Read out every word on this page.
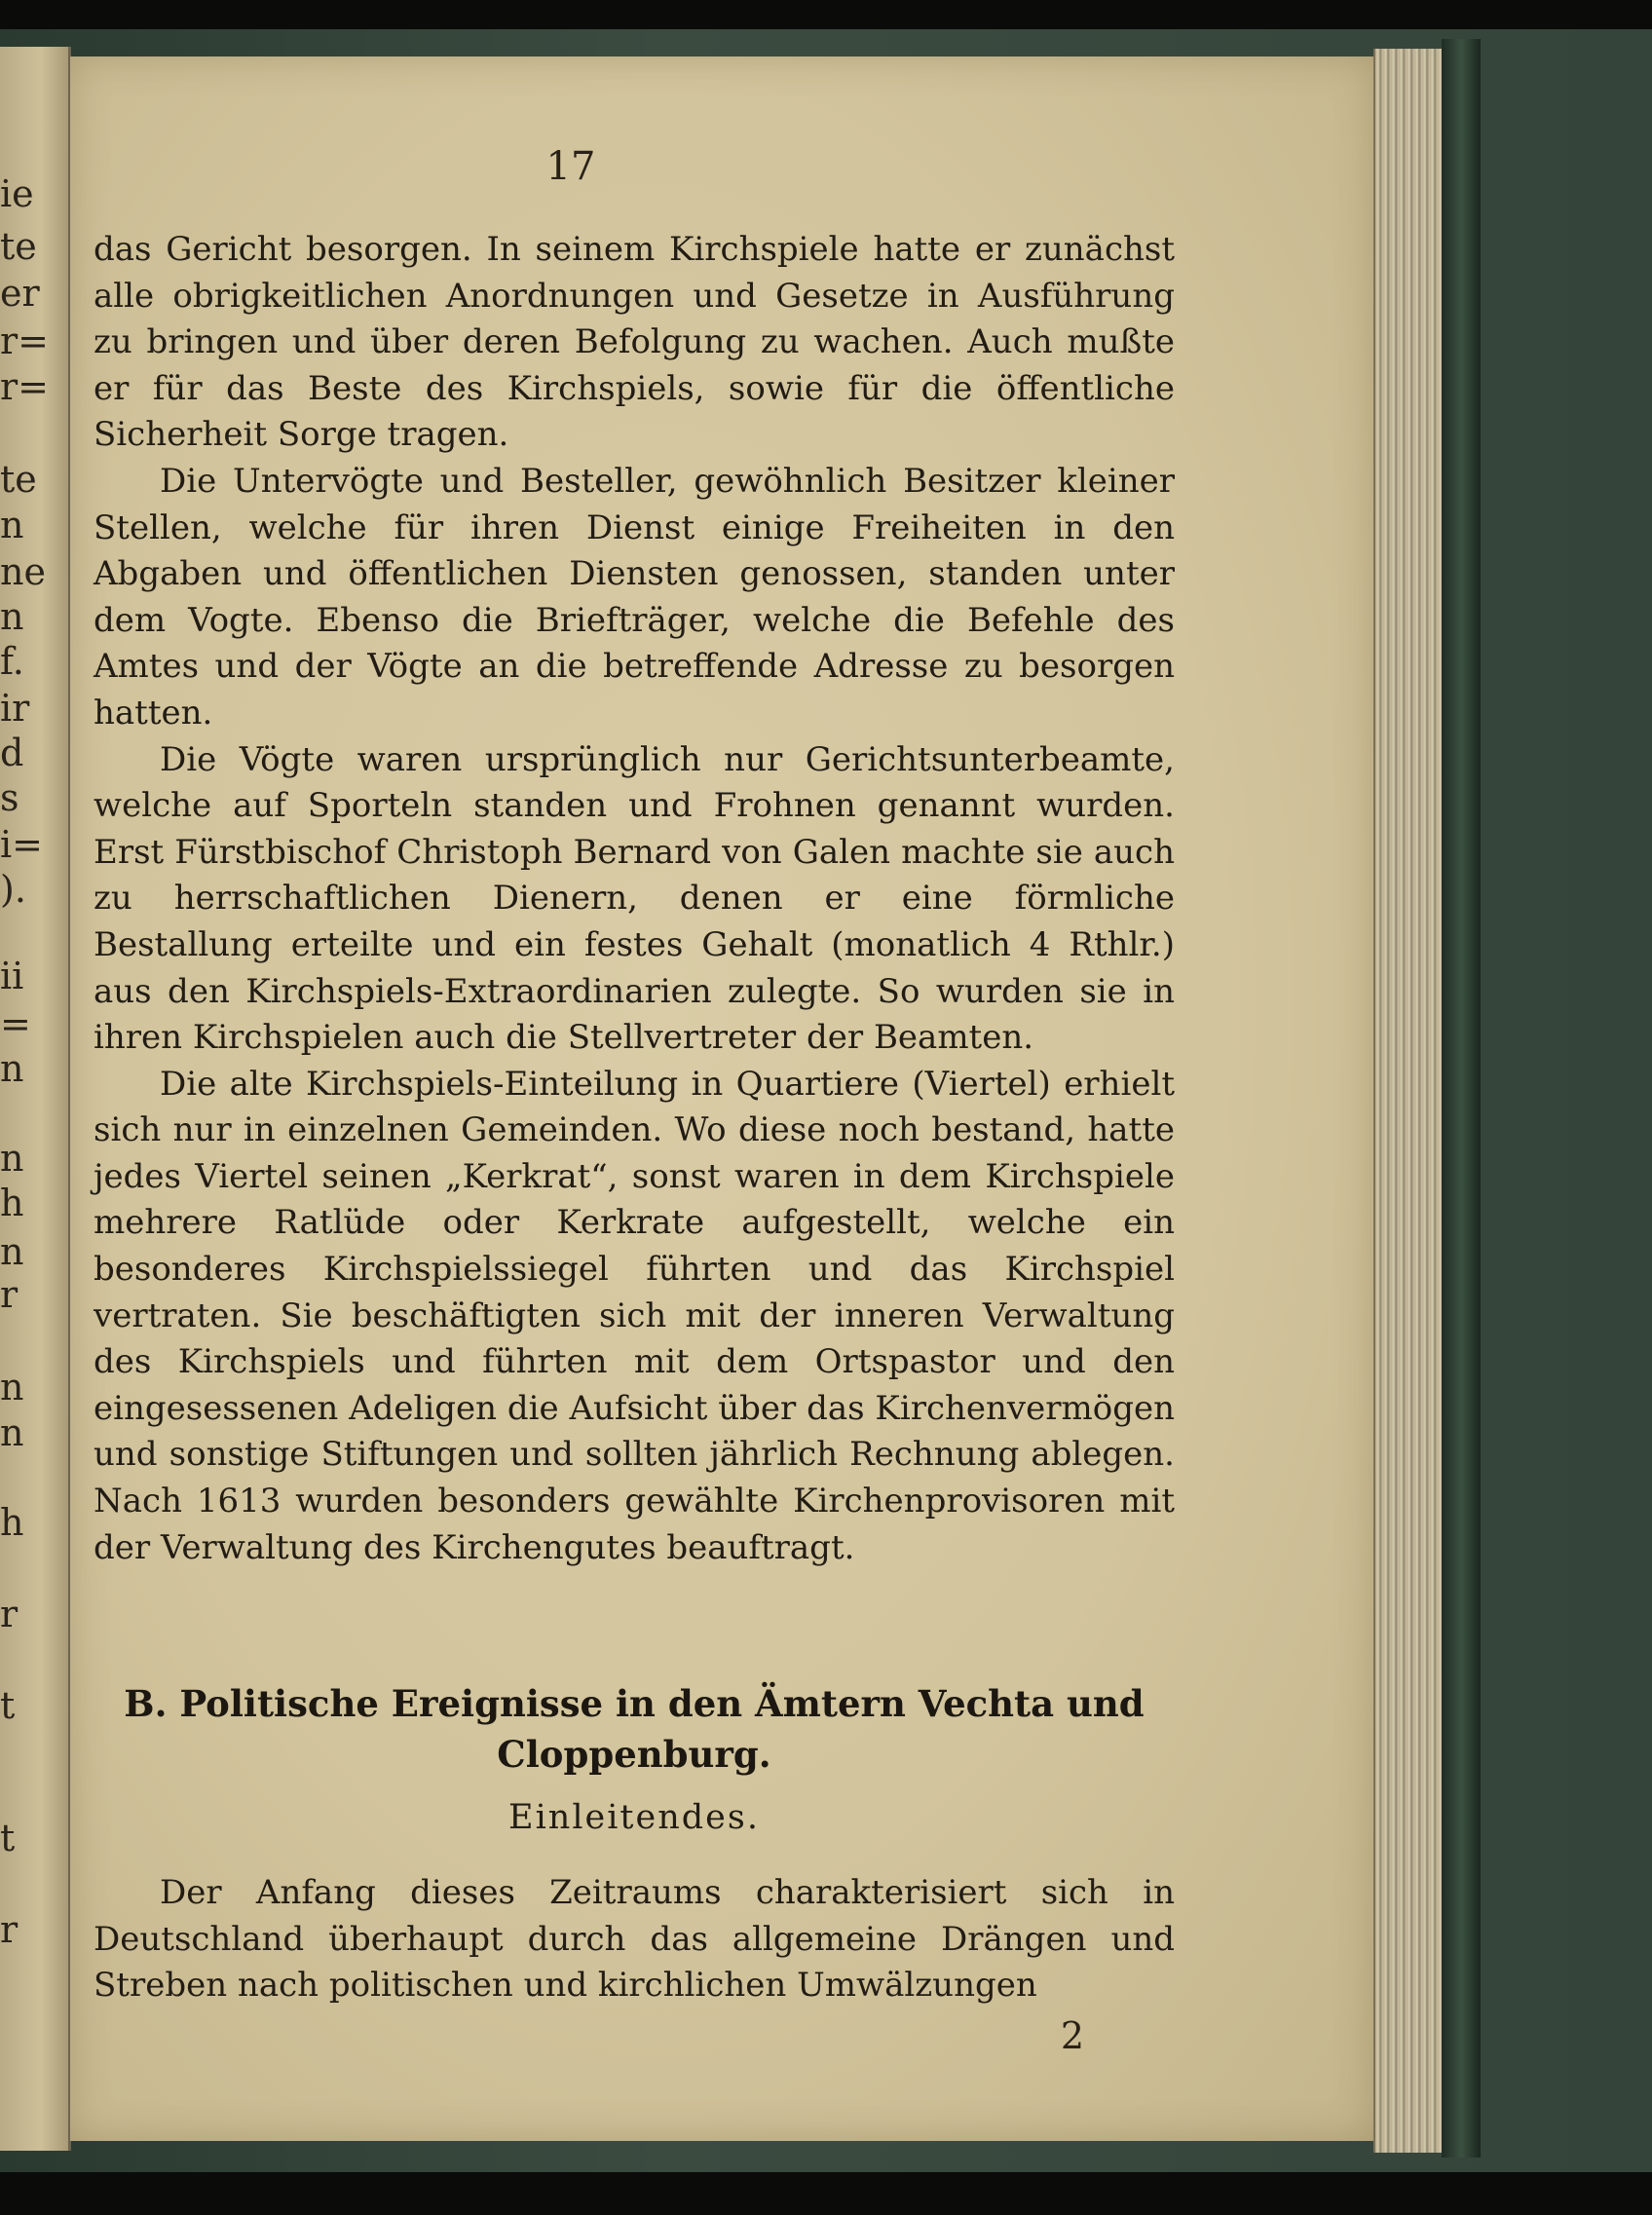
ie
te
er
r=
r=
te
n
ne
n
f.
ir
d
s
i=
).
ii
=
n
n
h
n
r
n
n
h
r
t
t
r
17

das Gericht besorgen. In seinem Kirchspiele hatte er zunächst alle obrigkeitlichen Anordnungen und Gesetze in Ausführung zu bringen und über deren Befolgung zu wachen. Auch mußte er für das Beste des Kirchspiels, sowie für die öffentliche Sicherheit Sorge tragen.

Die Untervögte und Besteller, gewöhnlich Besitzer kleiner Stellen, welche für ihren Dienst einige Freiheiten in den Abgaben und öffentlichen Diensten genossen, standen unter dem Vogte. Ebenso die Briefträger, welche die Befehle des Amtes und der Vögte an die betreffende Adresse zu besorgen hatten.

Die Vögte waren ursprünglich nur Gerichtsunterbeamte, welche auf Sporteln standen und Frohnen genannt wurden. Erst Fürstbischof Christoph Bernard von Galen machte sie auch zu herrschaftlichen Dienern, denen er eine förmliche Bestallung erteilte und ein festes Gehalt (monatlich 4 Rthlr.) aus den Kirchspiels-Extraordinarien zulegte. So wurden sie in ihren Kirchspielen auch die Stellvertreter der Beamten.

Die alte Kirchspiels-Einteilung in Quartiere (Viertel) erhielt sich nur in einzelnen Gemeinden. Wo diese noch bestand, hatte jedes Viertel seinen „Kerkrat“, sonst waren in dem Kirchspiele mehrere Ratlüde oder Kerkrate aufgestellt, welche ein besonderes Kirchspielssiegel führten und das Kirchspiel vertraten. Sie beschäftigten sich mit der inneren Verwaltung des Kirchspiels und führten mit dem Ortspastor und den eingesessenen Adeligen die Aufsicht über das Kirchenvermögen und sonstige Stiftungen und sollten jährlich Rechnung ablegen. Nach 1613 wurden besonders gewählte Kirchenprovisoren mit der Verwaltung des Kirchengutes beauftragt.

B. Politische Ereignisse in den Ämtern Vechta und
Cloppenburg.
Einleitendes.

Der Anfang dieses Zeitraums charakterisiert sich in Deutschland überhaupt durch das allgemeine Drängen und Streben nach politischen und kirchlichen Umwälzungen

2
